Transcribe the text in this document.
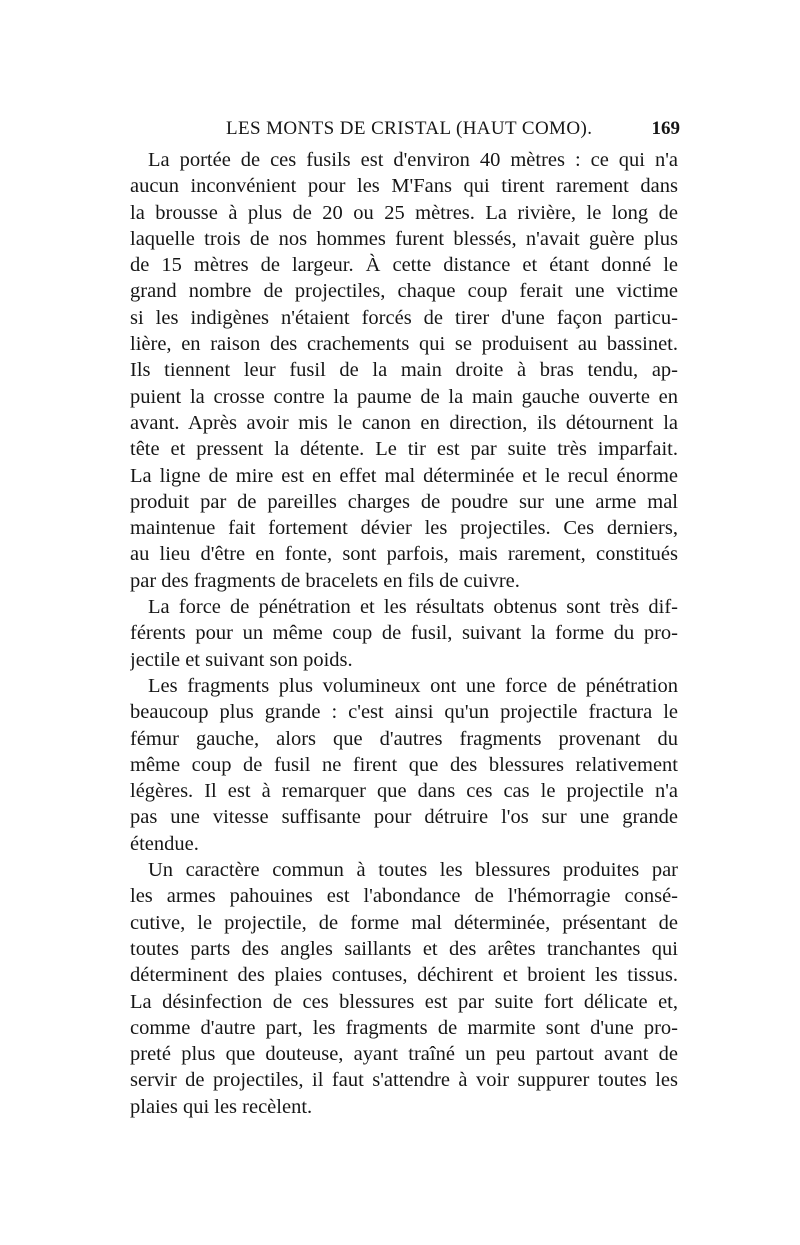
LES MONTS DE CRISTAL (HAUT COMO).	169
La portée de ces fusils est d'environ 40 mètres : ce qui n'a
aucun inconvénient pour les M'Fans qui tirent rarement dans
la brousse à plus de 20 ou 25 mètres. La rivière, le long de
laquelle trois de nos hommes furent blessés, n'avait guère plus
de 15 mètres de largeur. À cette distance et étant donné le
grand nombre de projectiles, chaque coup ferait une victime
si les indigènes n'étaient forcés de tirer d'une façon particu-
lière, en raison des crachements qui se produisent au bassinet.
Ils tiennent leur fusil de la main droite à bras tendu, ap-
puient la crosse contre la paume de la main gauche ouverte en
avant. Après avoir mis le canon en direction, ils détournent la
tête et pressent la détente. Le tir est par suite très imparfait.
La ligne de mire est en effet mal déterminée et le recul énorme
produit par de pareilles charges de poudre sur une arme mal
maintenue fait fortement dévier les projectiles. Ces derniers,
au lieu d'être en fonte, sont parfois, mais rarement, constitués
par des fragments de bracelets en fils de cuivre.
La force de pénétration et les résultats obtenus sont très dif-
férents pour un même coup de fusil, suivant la forme du pro-
jectile et suivant son poids.
Les fragments plus volumineux ont une force de pénétration
beaucoup plus grande : c'est ainsi qu'un projectile fractura le
fémur gauche, alors que d'autres fragments provenant du
même coup de fusil ne firent que des blessures relativement
légères. Il est à remarquer que dans ces cas le projectile n'a
pas une vitesse suffisante pour détruire l'os sur une grande
étendue.
Un caractère commun à toutes les blessures produites par
les armes pahouines est l'abondance de l'hémorragie consé-
cutive, le projectile, de forme mal déterminée, présentant de
toutes parts des angles saillants et des arêtes tranchantes qui
déterminent des plaies contuses, déchirent et broient les tissus.
La désinfection de ces blessures est par suite fort délicate et,
comme d'autre part, les fragments de marmite sont d'une pro-
preté plus que douteuse, ayant traîné un peu partout avant de
servir de projectiles, il faut s'attendre à voir suppurer toutes les
plaies qui les recèlent.
